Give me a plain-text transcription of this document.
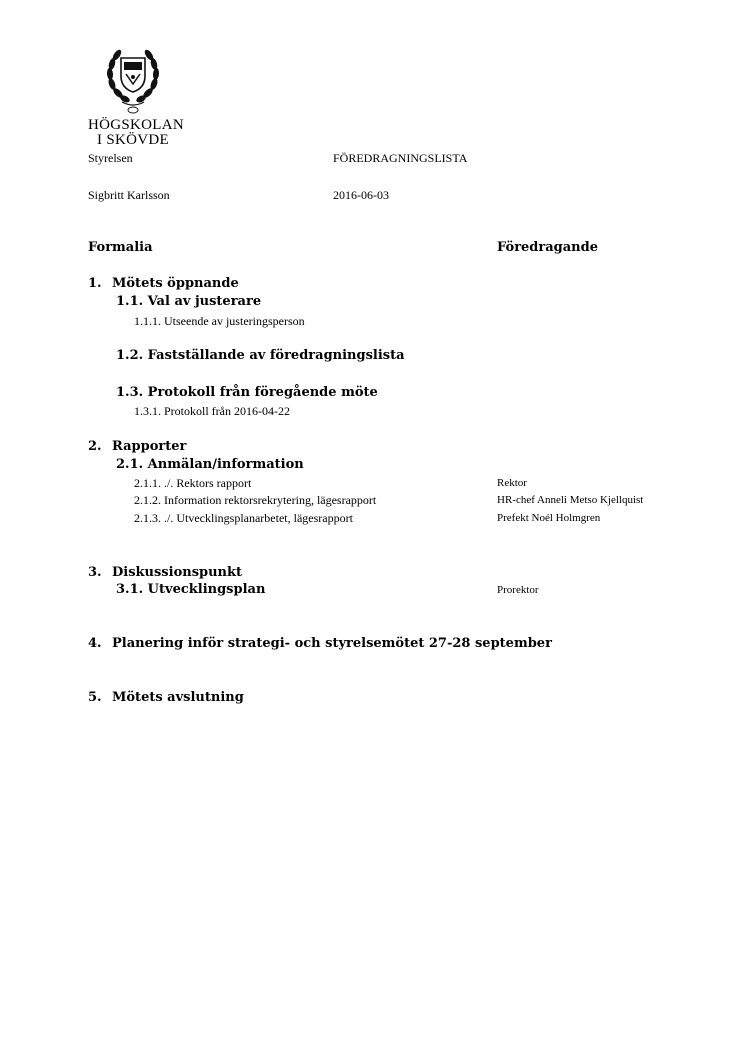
HÖGSKOLAN
I SKÖVDE
Styrelsen	FÖREDRAGNINGSLISTA
Sigbritt Karlsson	2016-06-03
Formalia	Föredragande
1. Mötets öppnande
1.1. Val av justerare
1.1.1. Utseende av justeringsperson
1.2. Fastställande av föredragningslista
1.3. Protokoll från föregående möte
1.3.1. Protokoll från 2016-04-22
2. Rapporter
2.1. Anmälan/information
2.1.1. ./. Rektors rapport	Rektor
2.1.2. Information rektorsrekrytering, lägesrapport	HR-chef Anneli Metso Kjellquist
2.1.3. ./. Utvecklingsplanarbetet, lägesrapport	Prefekt Noél Holmgren
3. Diskussionspunkt
3.1. Utvecklingsplan	Prorektor
4. Planering inför strategi- och styrelsemötet 27-28 september
5. Mötets avslutning
